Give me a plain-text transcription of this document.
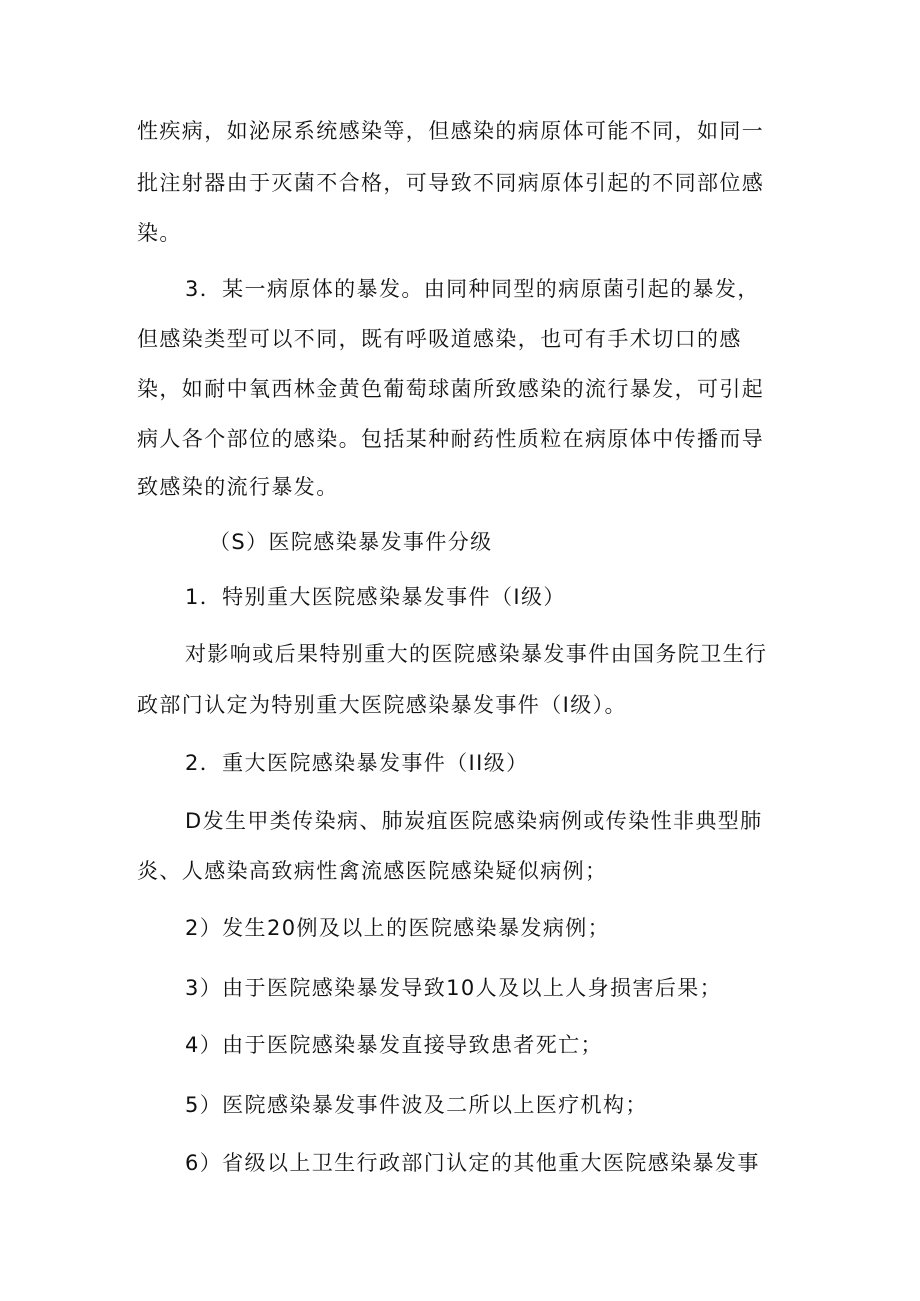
性疾病，如泌尿系统感染等，但感染的病原体可能不同，如同一
批注射器由于灭菌不合格，可导致不同病原体引起的不同部位感
染。
3．某一病原体的暴发。由同种同型的病原菌引起的暴发，
但感染类型可以不同，既有呼吸道感染，也可有手术切口的感
染，如耐中氧西林金黄色葡萄球菌所致感染的流行暴发，可引起
病人各个部位的感染。包括某种耐药性质粒在病原体中传播而导
致感染的流行暴发。
（S）医院感染暴发事件分级
1．特别重大医院感染暴发事件（I级）
对影响或后果特别重大的医院感染暴发事件由国务院卫生行
政部门认定为特别重大医院感染暴发事件（I级）。
2．重大医院感染暴发事件（II级）
D发生甲类传染病、肺炭疽医院感染病例或传染性非典型肺
炎、人感染高致病性禽流感医院感染疑似病例；
2）发生20例及以上的医院感染暴发病例；
3）由于医院感染暴发导致10人及以上人身损害后果；
4）由于医院感染暴发直接导致患者死亡；
5）医院感染暴发事件波及二所以上医疗机构；
6）省级以上卫生行政部门认定的其他重大医院感染暴发事
